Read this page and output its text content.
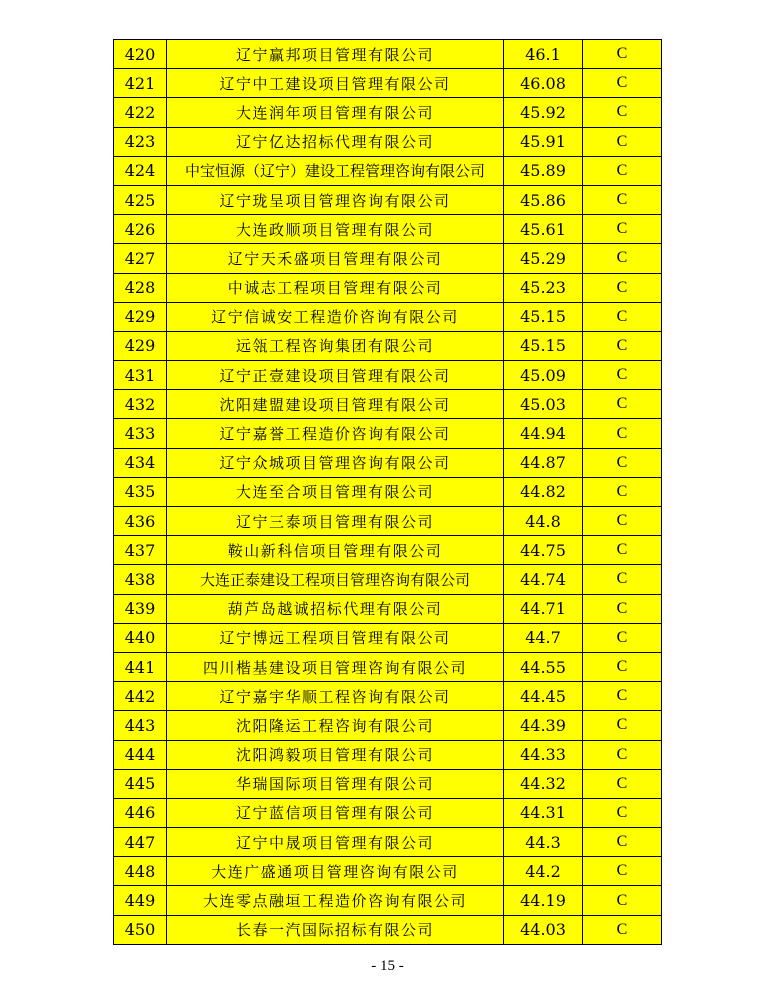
420	辽宁赢邦项目管理有限公司	46.1	C
421	辽宁中工建设项目管理有限公司	46.08	C
422	大连润年项目管理有限公司	45.92	C
423	辽宁亿达招标代理有限公司	45.91	C
424	中宝恒源（辽宁）建设工程管理咨询有限公司	45.89	C
425	辽宁珑呈项目管理咨询有限公司	45.86	C
426	大连政顺项目管理有限公司	45.61	C
427	辽宁天禾盛项目管理有限公司	45.29	C
428	中诚志工程项目管理有限公司	45.23	C
429	辽宁信诚安工程造价咨询有限公司	45.15	C
429	远瓴工程咨询集团有限公司	45.15	C
431	辽宁正壹建设项目管理有限公司	45.09	C
432	沈阳建盟建设项目管理有限公司	45.03	C
433	辽宁嘉誉工程造价咨询有限公司	44.94	C
434	辽宁众城项目管理咨询有限公司	44.87	C
435	大连至合项目管理有限公司	44.82	C
436	辽宁三泰项目管理有限公司	44.8	C
437	鞍山新科信项目管理有限公司	44.75	C
438	大连正泰建设工程项目管理咨询有限公司	44.74	C
439	葫芦岛越诚招标代理有限公司	44.71	C
440	辽宁博远工程项目管理有限公司	44.7	C
441	四川楷基建设项目管理咨询有限公司	44.55	C
442	辽宁嘉宇华顺工程咨询有限公司	44.45	C
443	沈阳隆运工程咨询有限公司	44.39	C
444	沈阳鸿毅项目管理有限公司	44.33	C
445	华瑞国际项目管理有限公司	44.32	C
446	辽宁蓝信项目管理有限公司	44.31	C
447	辽宁中晟项目管理有限公司	44.3	C
448	大连广盛通项目管理咨询有限公司	44.2	C
449	大连零点融垣工程造价咨询有限公司	44.19	C
450	长春一汽国际招标有限公司	44.03	C
- 15 -
